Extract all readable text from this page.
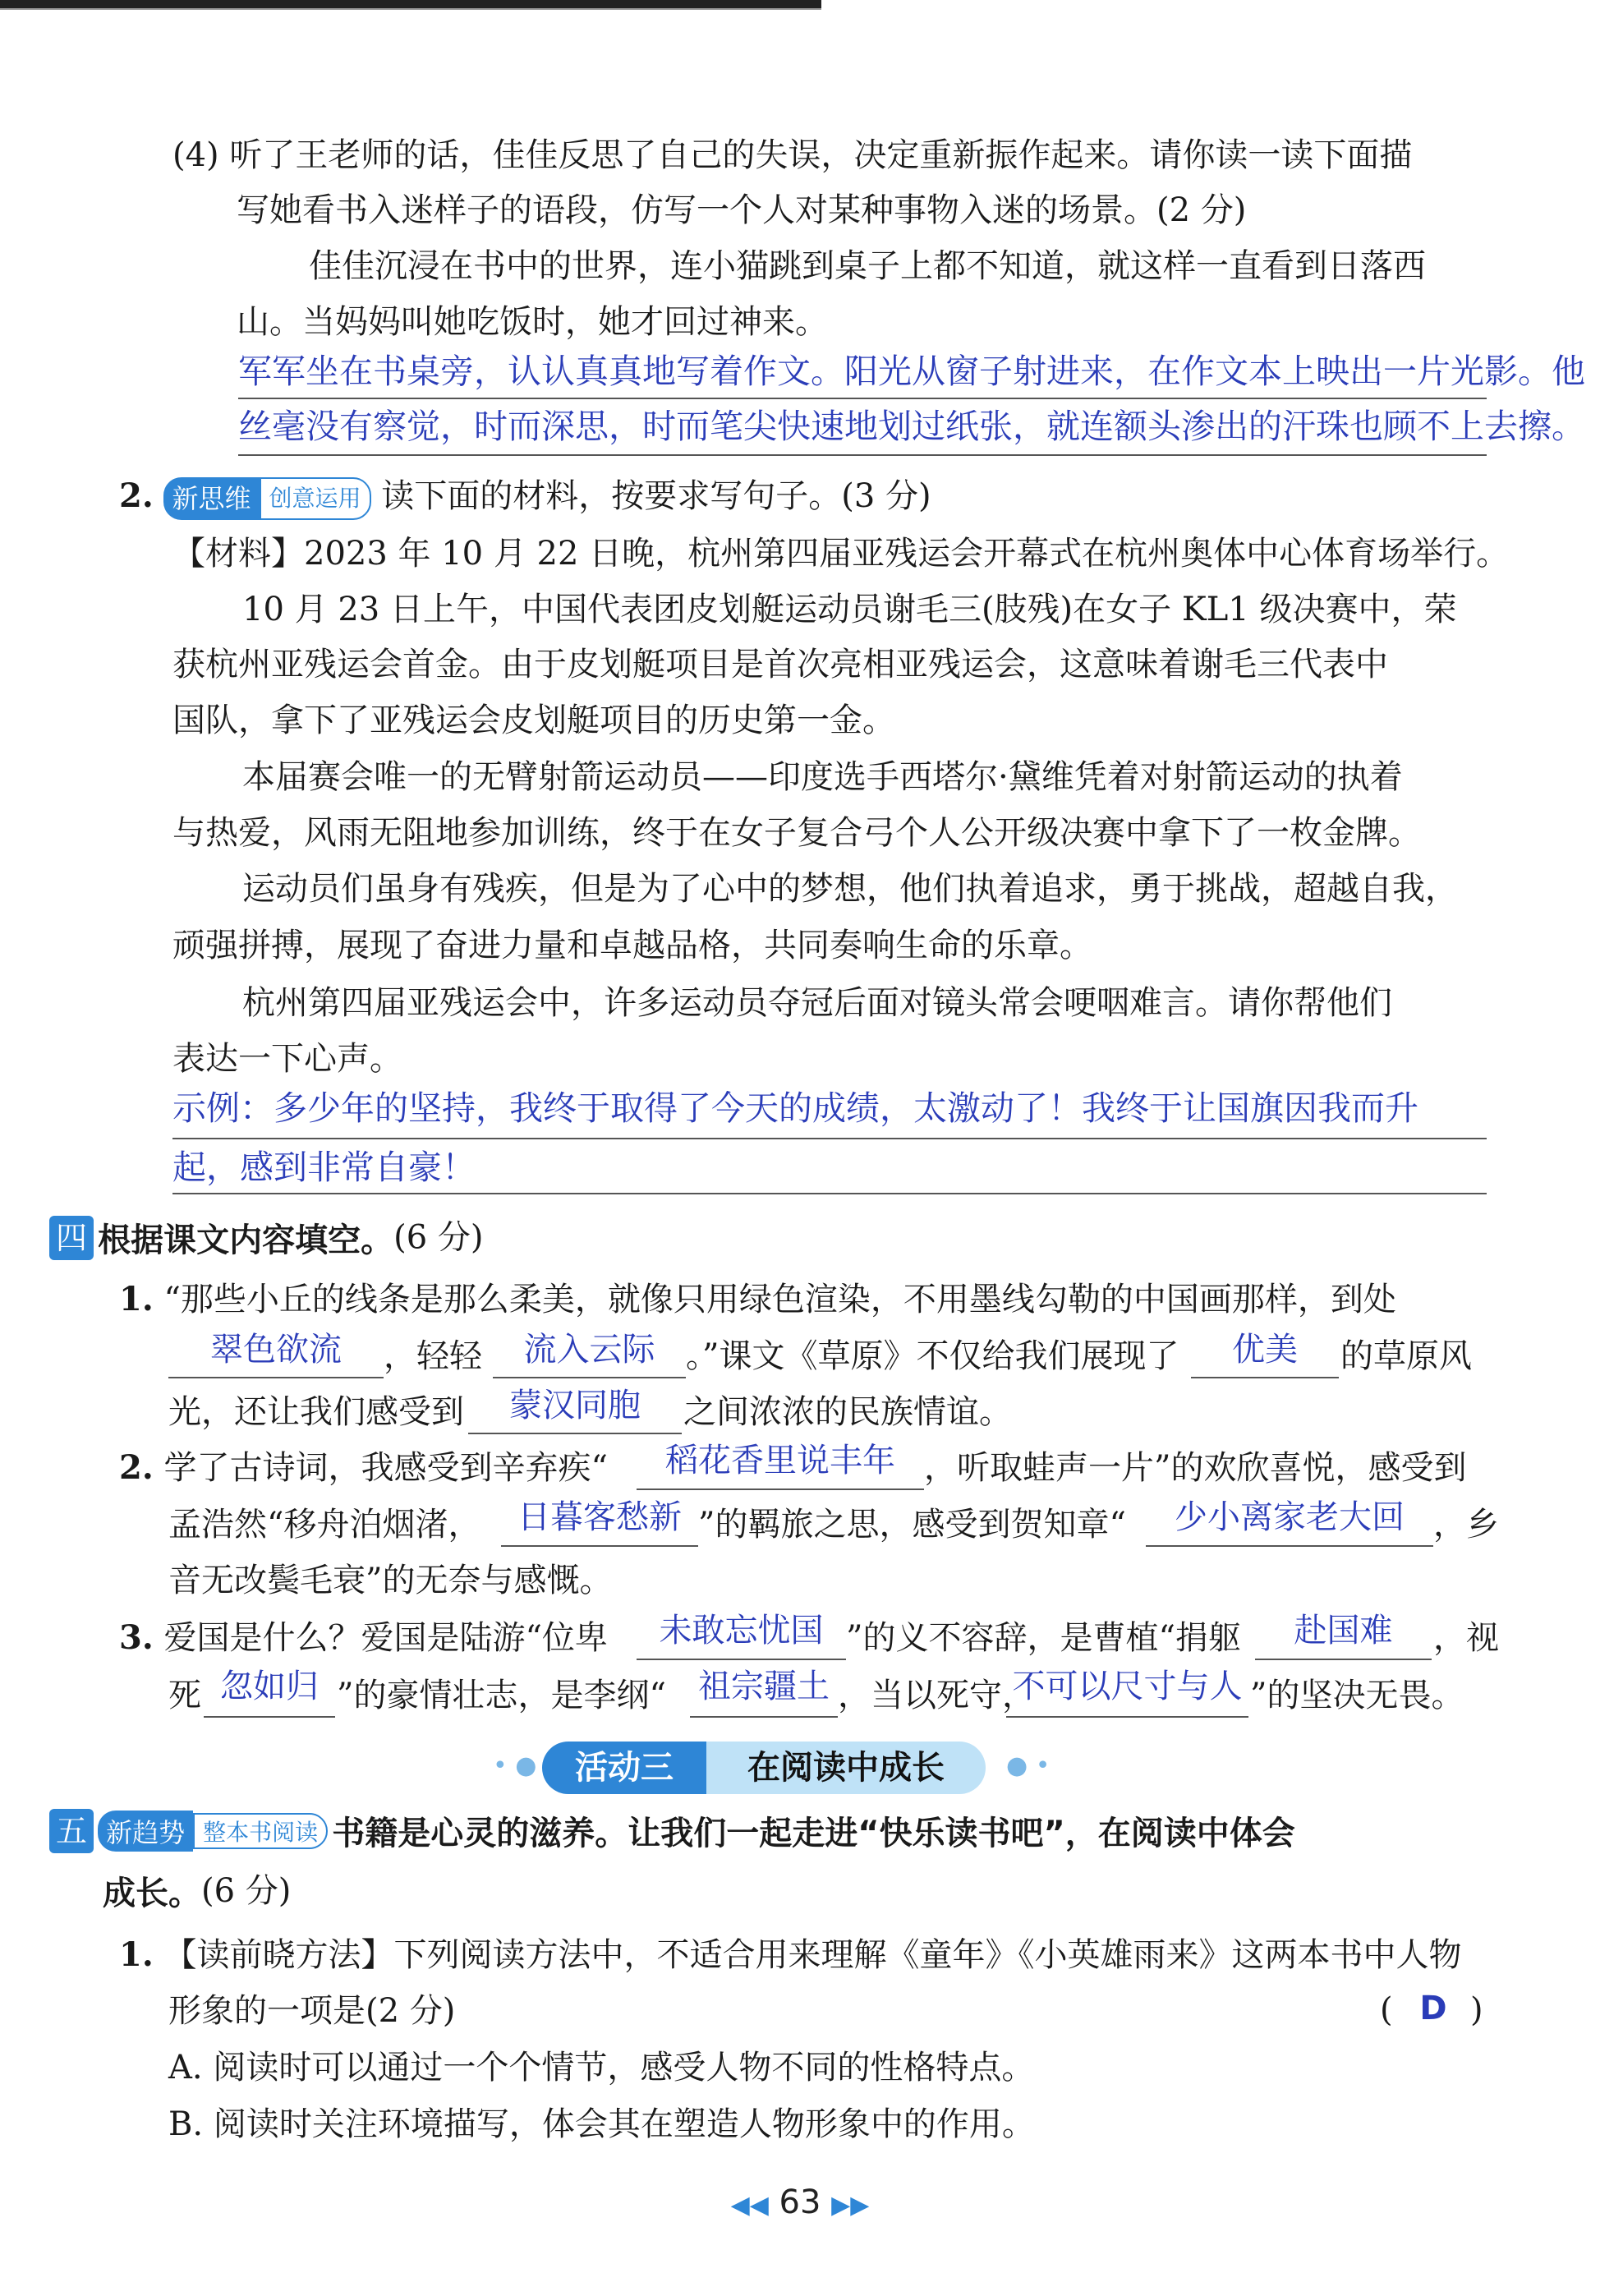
(4) 听了王老师的话，佳佳反思了自己的失误，决定重新振作起来。请你读一读下面描
写她看书入迷样子的语段，仿写一个人对某种事物入迷的场景。(2 分)
佳佳沉浸在书中的世界，连小猫跳到桌子上都不知道，就这样一直看到日落西
山。当妈妈叫她吃饭时，她才回过神来。
军军坐在书桌旁，认认真真地写着作文。阳光从窗子射进来，在作文本上映出一片光影。他
丝毫没有察觉，时而深思，时而笔尖快速地划过纸张，就连额头渗出的汗珠也顾不上去擦。
2. 新思维 创意运用 读下面的材料，按要求写句子。(3 分)
【材料】2023 年 10 月 22 日晚，杭州第四届亚残运会开幕式在杭州奥体中心体育场举行。
10 月 23 日上午，中国代表团皮划艇运动员谢毛三(肢残)在女子 KL1 级决赛中，荣
获杭州亚残运会首金。由于皮划艇项目是首次亮相亚残运会，这意味着谢毛三代表中
国队，拿下了亚残运会皮划艇项目的历史第一金。
本届赛会唯一的无臂射箭运动员——印度选手西塔尔·黛维凭着对射箭运动的执着
与热爱，风雨无阻地参加训练，终于在女子复合弓个人公开级决赛中拿下了一枚金牌。
运动员们虽身有残疾，但是为了心中的梦想，他们执着追求，勇于挑战，超越自我，
顽强拼搏，展现了奋进力量和卓越品格，共同奏响生命的乐章。
杭州第四届亚残运会中，许多运动员夺冠后面对镜头常会哽咽难言。请你帮他们
表达一下心声。
示例：多少年的坚持，我终于取得了今天的成绩，太激动了！我终于让国旗因我而升
起，感到非常自豪！
四 根据课文内容填空。(6 分)
1. “那些小丘的线条是那么柔美，就像只用绿色渲染，不用墨线勾勒的中国画那样，到处
翠色欲流	，轻轻	流入云际 。”课文《草原》不仅给我们展现了	优美	的草原风
光，还让我们感受到	蒙汉同胞	之间浓浓的民族情谊。
2. 学了古诗词，我感受到辛弃疾“	稻花香里说丰年 ，听取蛙声一片”的欢欣喜悦，感受到
孟浩然“移舟泊烟渚，	日暮客愁新 ”的羁旅之思，感受到贺知章“	少小离家老大回 ，乡
音无改鬓毛衰”的无奈与感慨。
3. 爱国是什么？爱国是陆游“位卑	未敢忘忧国 ”的义不容辞，是曹植“捐躯	赴国难	，视
死 忽如归 ”的豪情壮志，是李纲“ 祖宗疆土 ，当以死守，
不可以尺寸与人 ”的坚决无畏。
• ●	活动三	在阅读中成长	● •
五 新趋势 整本书阅读 书籍是心灵的滋养。让我们一起走进“快乐读书吧”，在阅读中体会
成长。(6 分)
1. 【读前晓方法】下列阅读方法中，不适合用来理解《童年》《小英雄雨来》这两本书中人物
形象的一项是(2 分)	( D )
A. 阅读时可以通过一个个情节，感受人物不同的性格特点。
B. 阅读时关注环境描写，体会其在塑造人物形象中的作用。
◀◀ 63 ▶▶
